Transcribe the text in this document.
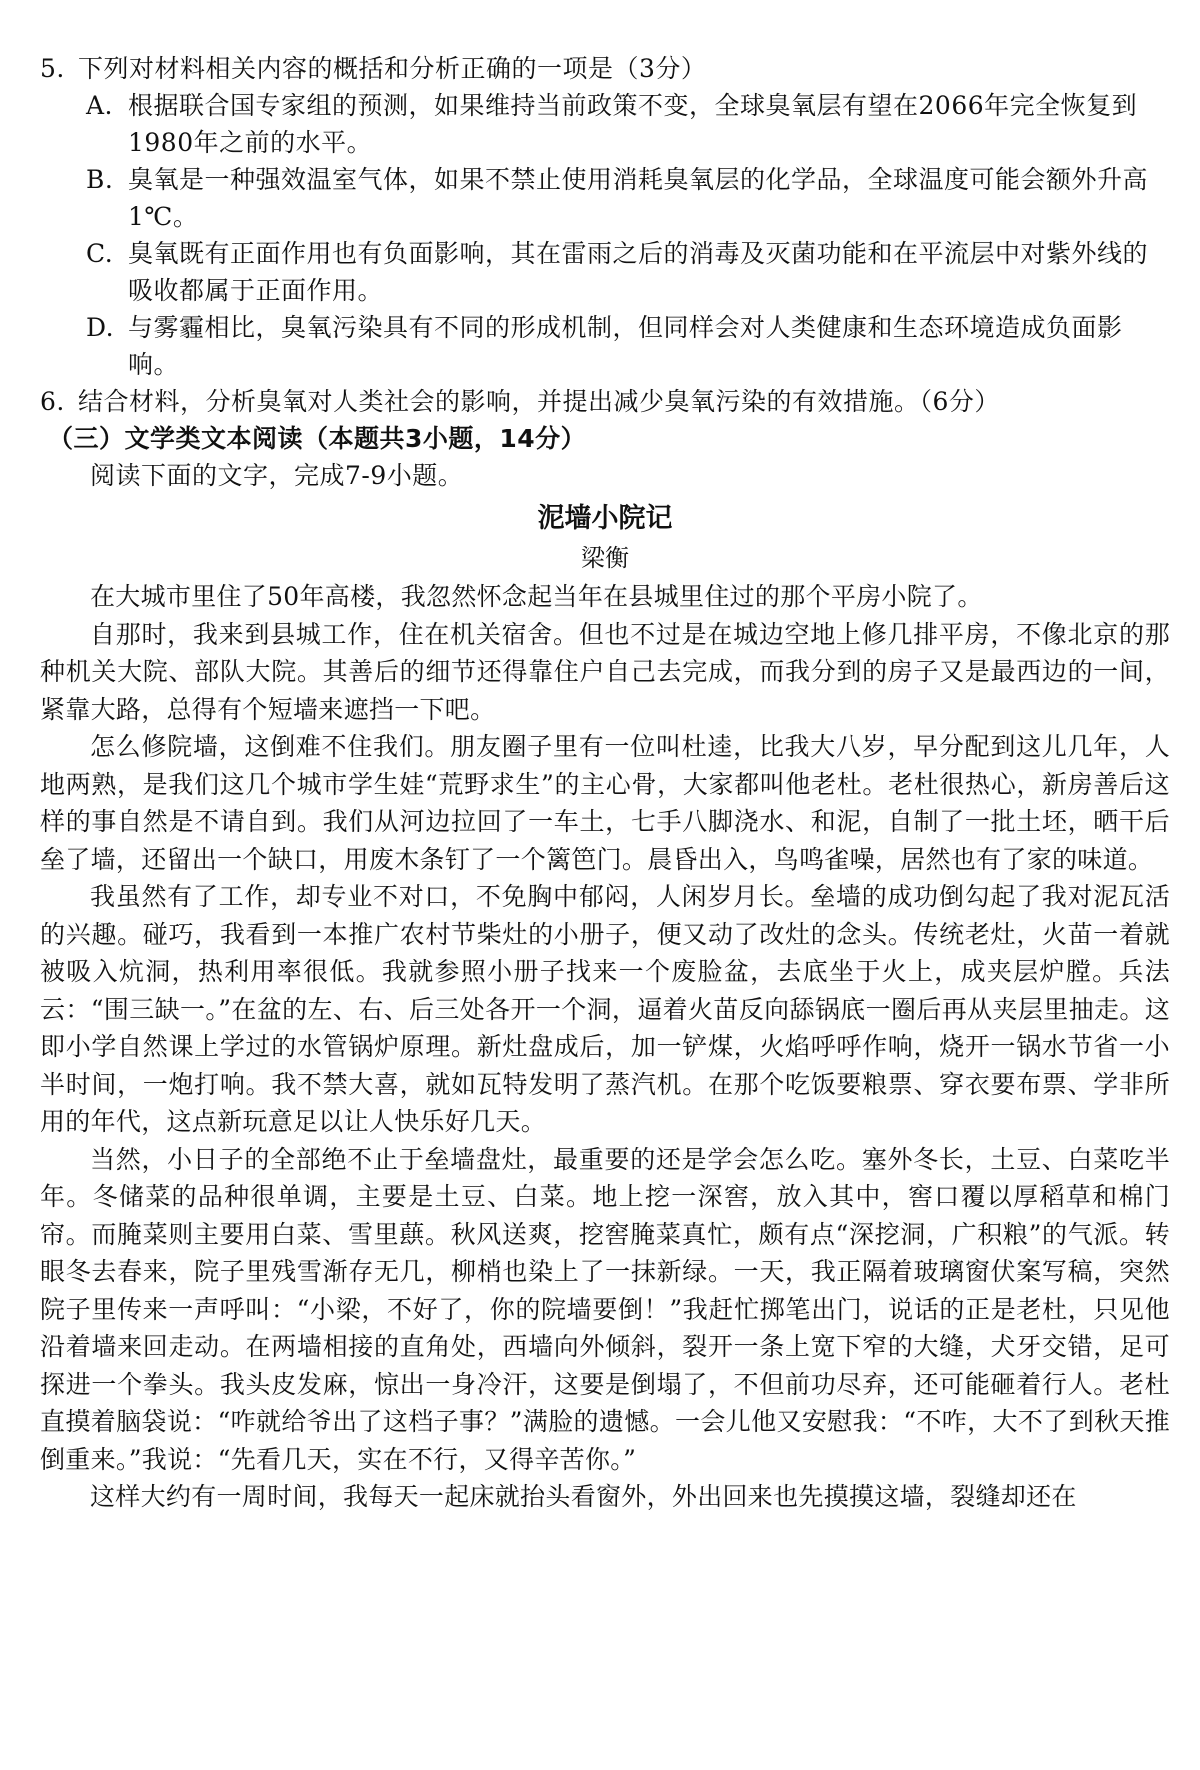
5. 下列对材料相关内容的概括和分析正确的一项是（3分）

A. 根据联合国专家组的预测，如果维持当前政策不变，全球臭氧层有望在2066年完全恢复到1980年之前的水平。

B. 臭氧是一种强效温室气体，如果不禁止使用消耗臭氧层的化学品，全球温度可能会额外升高1℃。

C. 臭氧既有正面作用也有负面影响，其在雷雨之后的消毒及灭菌功能和在平流层中对紫外线的吸收都属于正面作用。

D. 与雾霾相比，臭氧污染具有不同的形成机制，但同样会对人类健康和生态环境造成负面影响。

6. 结合材料，分析臭氧对人类社会的影响，并提出减少臭氧污染的有效措施。（6分）

（三）文学类文本阅读（本题共3小题，14分）

阅读下面的文字，完成7-9小题。

泥墙小院记

梁衡

在大城市里住了50年高楼，我忽然怀念起当年在县城里住过的那个平房小院了。

自那时，我来到县城工作，住在机关宿舍。但也不过是在城边空地上修几排平房，不像北京的那种机关大院、部队大院。其善后的细节还得靠住户自己去完成，而我分到的房子又是最西边的一间，紧靠大路，总得有个短墙来遮挡一下吧。

怎么修院墙，这倒难不住我们。朋友圈子里有一位叫杜逵，比我大八岁，早分配到这儿几年，人地两熟，是我们这几个城市学生娃“荒野求生”的主心骨，大家都叫他老杜。老杜很热心，新房善后这样的事自然是不请自到。我们从河边拉回了一车土，七手八脚浇水、和泥，自制了一批土坯，晒干后垒了墙，还留出一个缺口，用废木条钉了一个篱笆门。晨昏出入，鸟鸣雀噪，居然也有了家的味道。

我虽然有了工作，却专业不对口，不免胸中郁闷，人闲岁月长。垒墙的成功倒勾起了我对泥瓦活的兴趣。碰巧，我看到一本推广农村节柴灶的小册子，便又动了改灶的念头。传统老灶，火苗一着就被吸入炕洞，热利用率很低。我就参照小册子找来一个废脸盆，去底坐于火上，成夹层炉膛。兵法云：“围三缺一。”在盆的左、右、后三处各开一个洞，逼着火苗反向舔锅底一圈后再从夹层里抽走。这即小学自然课上学过的水管锅炉原理。新灶盘成后，加一铲煤，火焰呼呼作响，烧开一锅水节省一小半时间，一炮打响。我不禁大喜，就如瓦特发明了蒸汽机。在那个吃饭要粮票、穿衣要布票、学非所用的年代，这点新玩意足以让人快乐好几天。

当然，小日子的全部绝不止于垒墙盘灶，最重要的还是学会怎么吃。塞外冬长，土豆、白菜吃半年。冬储菜的品种很单调，主要是土豆、白菜。地上挖一深窖，放入其中，窖口覆以厚稻草和棉门帘。而腌菜则主要用白菜、雪里蕻。秋风送爽，挖窖腌菜真忙，颇有点“深挖洞，广积粮”的气派。转眼冬去春来，院子里残雪渐存无几，柳梢也染上了一抹新绿。一天，我正隔着玻璃窗伏案写稿，突然院子里传来一声呼叫：“小梁，不好了，你的院墙要倒！”我赶忙掷笔出门，说话的正是老杜，只见他沿着墙来回走动。在两墙相接的直角处，西墙向外倾斜，裂开一条上宽下窄的大缝，犬牙交错，足可探进一个拳头。我头皮发麻，惊出一身冷汗，这要是倒塌了，不但前功尽弃，还可能砸着行人。老杜直摸着脑袋说：“咋就给爷出了这档子事？”满脸的遗憾。一会儿他又安慰我：“不咋，大不了到秋天推倒重来。”我说：“先看几天，实在不行，又得辛苦你。”

这样大约有一周时间，我每天一起床就抬头看窗外，外出回来也先摸摸这墙，裂缝却还在
